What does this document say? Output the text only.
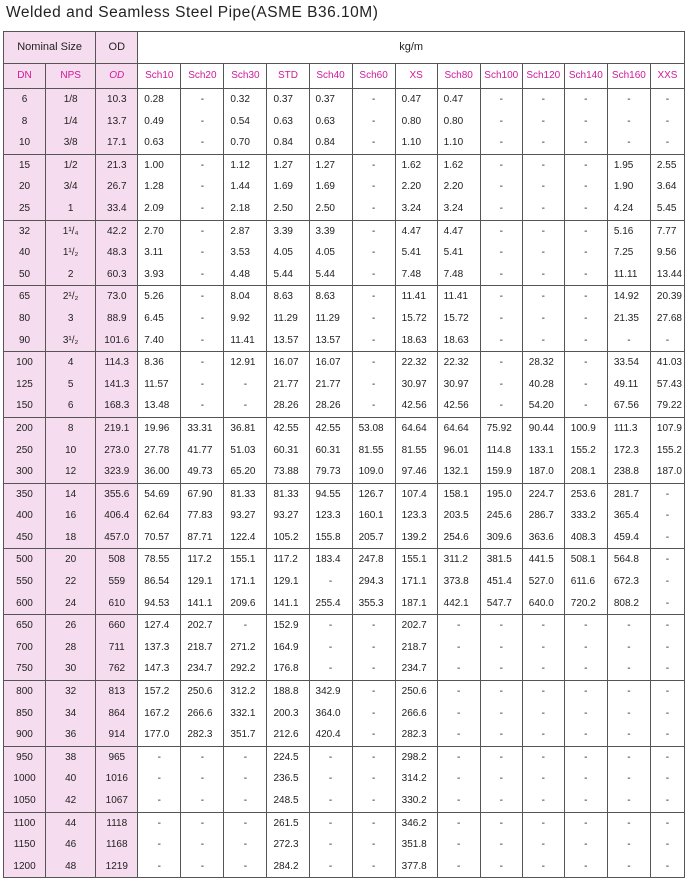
Welded and Seamless Steel Pipe(ASME B36.10M)
Nominal Size		OD	kg/m												
DN	NPS	OD	Sch10	Sch20	Sch30	STD	Sch40	Sch60	XS	Sch80	Sch100	Sch120	Sch140	Sch160	XXS
6	1/8	10.3	0.28	-	0.32	0.37	0.37	-	0.47	0.47	-	-	-	-	-
8	1/4	13.7	0.49	-	0.54	0.63	0.63	-	0.80	0.80	-	-	-	-	-
10	3/8	17.1	0.63	-	0.70	0.84	0.84	-	1.10	1.10	-	-	-	-	-
15	1/2	21.3	1.00	-	1.12	1.27	1.27	-	1.62	1.62	-	-	-	1.95	2.55
20	3/4	26.7	1.28	-	1.44	1.69	1.69	-	2.20	2.20	-	-	-	1.90	3.64
25	1	33.4	2.09	-	2.18	2.50	2.50	-	3.24	3.24	-	-	-	4.24	5.45
32	1¹/₄	42.2	2.70	-	2.87	3.39	3.39	-	4.47	4.47	-	-	-	5.16	7.77
40	1¹/₂	48.3	3.11	-	3.53	4.05	4.05	-	5.41	5.41	-	-	-	7.25	9.56
50	2	60.3	3.93	-	4.48	5.44	5.44	-	7.48	7.48	-	-	-	11.11	13.44
65	2¹/₂	73.0	5.26	-	8.04	8.63	8.63	-	11.41	11.41	-	-	-	14.92	20.39
80	3	88.9	6.45	-	9.92	11.29	11.29	-	15.72	15.72	-	-	-	21.35	27.68
90	3¹/₂	101.6	7.40	-	11.41	13.57	13.57	-	18.63	18.63	-	-	-	-	-
100	4	114.3	8.36	-	12.91	16.07	16.07	-	22.32	22.32	-	28.32	-	33.54	41.03
125	5	141.3	11.57	-	-	21.77	21.77	-	30.97	30.97	-	40.28	-	49.11	57.43
150	6	168.3	13.48	-	-	28.26	28.26	-	42.56	42.56	-	54.20	-	67.56	79.22
200	8	219.1	19.96	33.31	36.81	42.55	42.55	53.08	64.64	64.64	75.92	90.44	100.9	111.3	107.9
250	10	273.0	27.78	41.77	51.03	60.31	60.31	81.55	81.55	96.01	114.8	133.1	155.2	172.3	155.2
300	12	323.9	36.00	49.73	65.20	73.88	79.73	109.0	97.46	132.1	159.9	187.0	208.1	238.8	187.0
350	14	355.6	54.69	67.90	81.33	81.33	94.55	126.7	107.4	158.1	195.0	224.7	253.6	281.7	-
400	16	406.4	62.64	77.83	93.27	93.27	123.3	160.1	123.3	203.5	245.6	286.7	333.2	365.4	-
450	18	457.0	70.57	87.71	122.4	105.2	155.8	205.7	139.2	254.6	309.6	363.6	408.3	459.4	-
500	20	508	78.55	117.2	155.1	117.2	183.4	247.8	155.1	311.2	381.5	441.5	508.1	564.8	-
550	22	559	86.54	129.1	171.1	129.1	-	294.3	171.1	373.8	451.4	527.0	611.6	672.3	-
600	24	610	94.53	141.1	209.6	141.1	255.4	355.3	187.1	442.1	547.7	640.0	720.2	808.2	-
650	26	660	127.4	202.7	-	152.9	-	-	202.7	-	-	-	-	-	-
700	28	711	137.3	218.7	271.2	164.9	-	-	218.7	-	-	-	-	-	-
750	30	762	147.3	234.7	292.2	176.8	-	-	234.7	-	-	-	-	-	-
800	32	813	157.2	250.6	312.2	188.8	342.9	-	250.6	-	-	-	-	-	-
850	34	864	167.2	266.6	332.1	200.3	364.0	-	266.6	-	-	-	-	-	-
900	36	914	177.0	282.3	351.7	212.6	420.4	-	282.3	-	-	-	-	-	-
950	38	965	-	-	-	224.5	-	-	298.2	-	-	-	-	-	-
1000	40	1016	-	-	-	236.5	-	-	314.2	-	-	-	-	-	-
1050	42	1067	-	-	-	248.5	-	-	330.2	-	-	-	-	-	-
1100	44	1118	-	-	-	261.5	-	-	346.2	-	-	-	-	-	-
1150	46	1168	-	-	-	272.3	-	-	351.8	-	-	-	-	-	-
1200	48	1219	-	-	-	284.2	-	-	377.8	-	-	-	-	-	-
